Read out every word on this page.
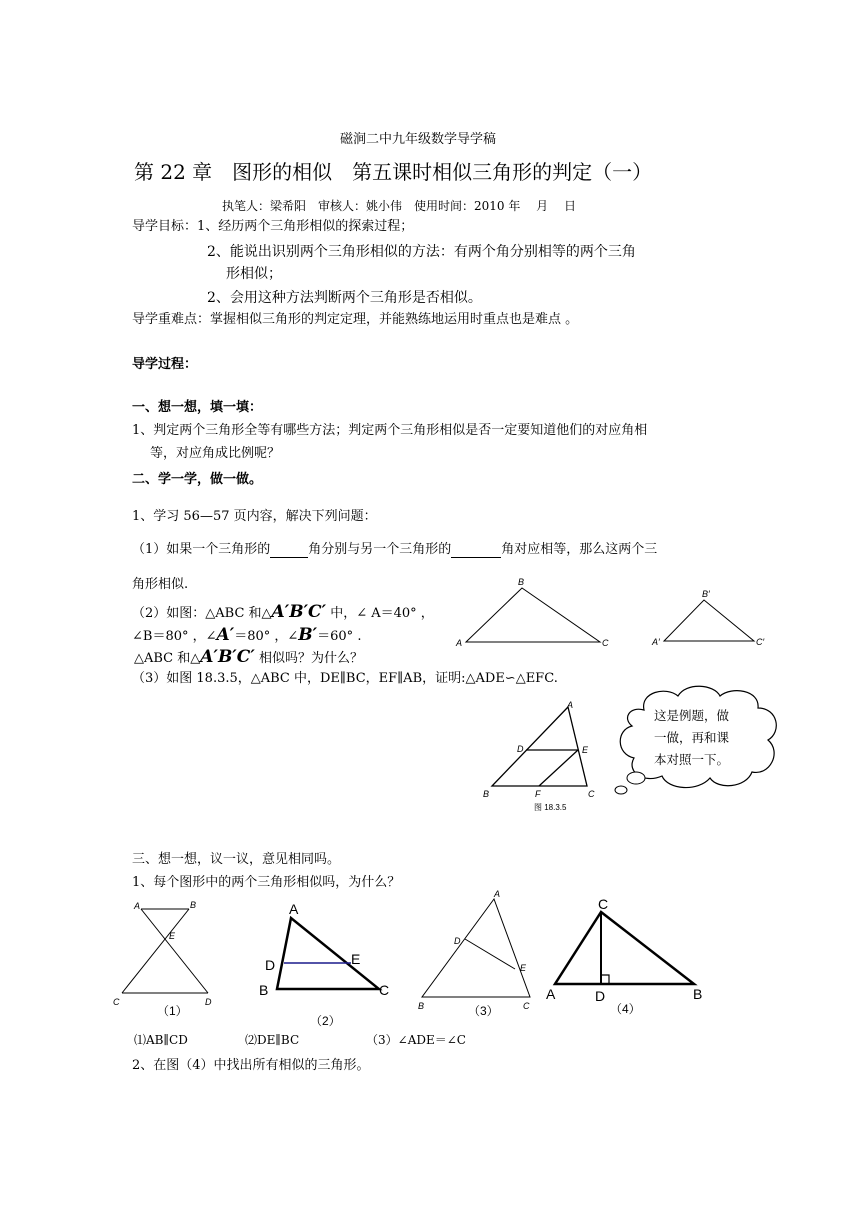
磁涧二中九年级数学导学稿
第 22 章　图形的相似　第五课时相似三角形的判定（一）
执笔人：梁希阳　审核人：姚小伟　使用时间：2010 年　 月　 日
导学目标：1、经历两个三角形相似的探索过程；
2、能说出识别两个三角形相似的方法：有两个角分别相等的两个三角
形相似；
2、会用这种方法判断两个三角形是否相似。
导学重难点：掌握相似三角形的判定定理，并能熟练地运用时重点也是难点 。
导学过程：
一、想一想，填一填：
1、判定两个三角形全等有哪些方法；判定两个三角形相似是否一定要知道他们的对应角相
等，对应角成比例呢？
二、学一学，做一做。
1、学习 56—57 页内容，解决下列问题：
（1）如果一个三角形的	角分别与另一个三角形的	角对应相等，那么这两个三
角形相似.
（2）如图：△ABC 和△A′B′C′ 中，∠ A＝40° ，
∠B＝80° ，∠A′＝80° ，∠B′＝60° .
△ABC 和△A′B′C′ 相似吗？为什么？
（3）如图 18.3.5，△ABC 中，DE∥BC，EF∥AB，证明:△ADE∽△EFC.
B
A	C
B′
A′	C′
A
D	E
B	F	C
图 18.3.5
这是例题，做
一做，再和课
本对照一下。
三、想一想，议一议，意见相同吗。
1、每个图形中的两个三角形相似吗，为什么？
A	B
E
C	D
（1）
A
D	E
B	C
（2）
A
D
E
B	C
（3）
C
A	D	B
（4）
⑴AB∥CD	⑵DE∥BC	（3）∠ADE＝∠C
2、在图（4）中找出所有相似的三角形。
